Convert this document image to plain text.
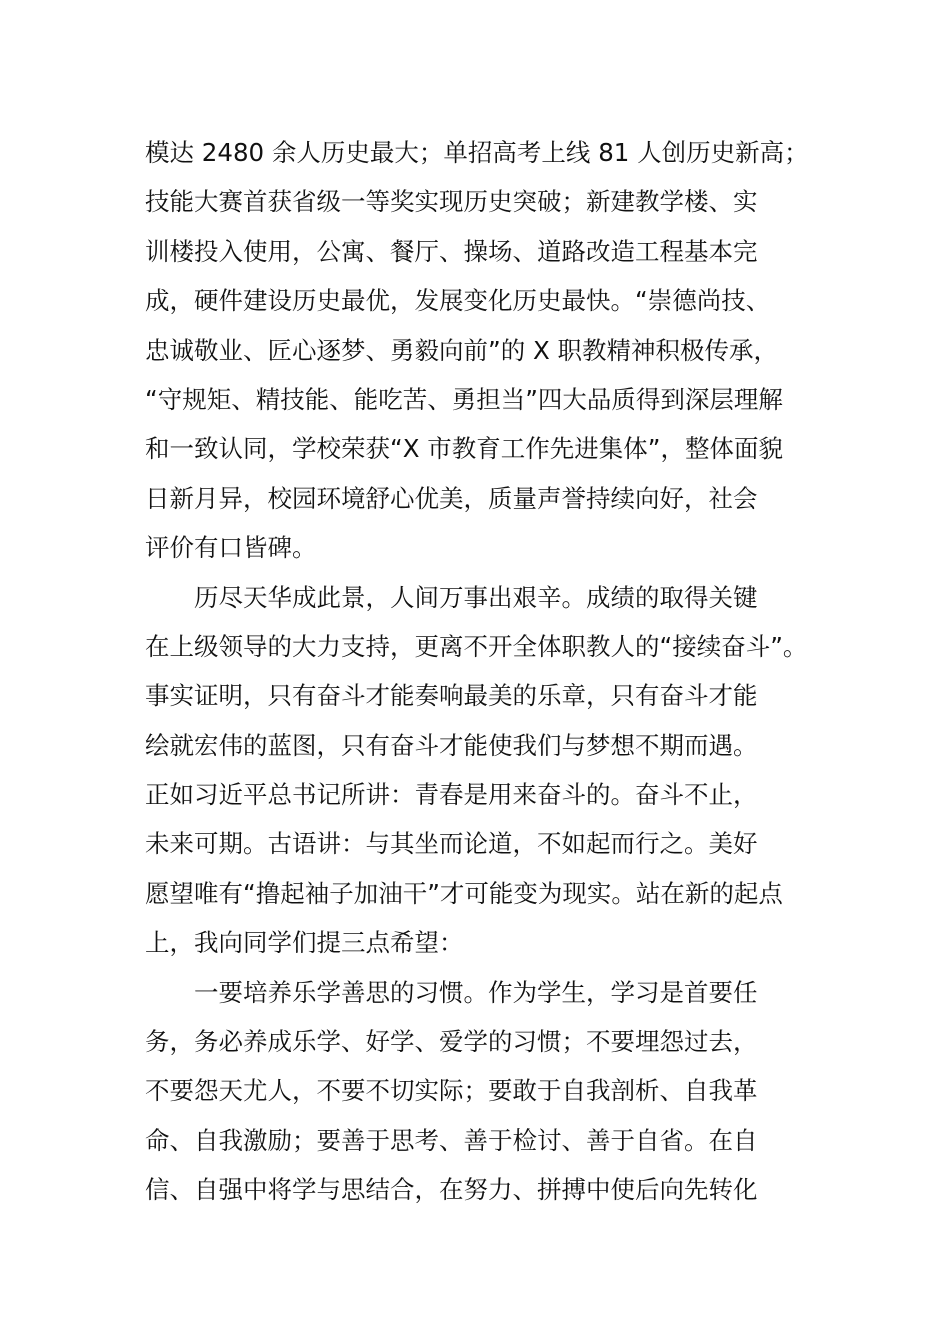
模达 2480 余人历史最大；单招高考上线 81 人创历史新高；
技能大赛首获省级一等奖实现历史突破；新建教学楼、实
训楼投入使用，公寓、餐厅、操场、道路改造工程基本完
成，硬件建设历史最优，发展变化历史最快。“崇德尚技、
忠诚敬业、匠心逐梦、勇毅向前”的 X 职教精神积极传承，
“守规矩、精技能、能吃苦、勇担当”四大品质得到深层理解
和一致认同，学校荣获“X 市教育工作先进集体”，整体面貌
日新月异，校园环境舒心优美，质量声誉持续向好，社会
评价有口皆碑。
历尽天华成此景，人间万事出艰辛。成绩的取得关键
在上级领导的大力支持，更离不开全体职教人的“接续奋斗”。
事实证明，只有奋斗才能奏响最美的乐章，只有奋斗才能
绘就宏伟的蓝图，只有奋斗才能使我们与梦想不期而遇。
正如习近平总书记所讲：青春是用来奋斗的。奋斗不止，
未来可期。古语讲：与其坐而论道，不如起而行之。美好
愿望唯有“撸起袖子加油干”才可能变为现实。站在新的起点
上，我向同学们提三点希望：
一要培养乐学善思的习惯。作为学生，学习是首要任
务，务必养成乐学、好学、爱学的习惯；不要埋怨过去，
不要怨天尤人，不要不切实际；要敢于自我剖析、自我革
命、自我激励；要善于思考、善于检讨、善于自省。在自
信、自强中将学与思结合，在努力、拼搏中使后向先转化
